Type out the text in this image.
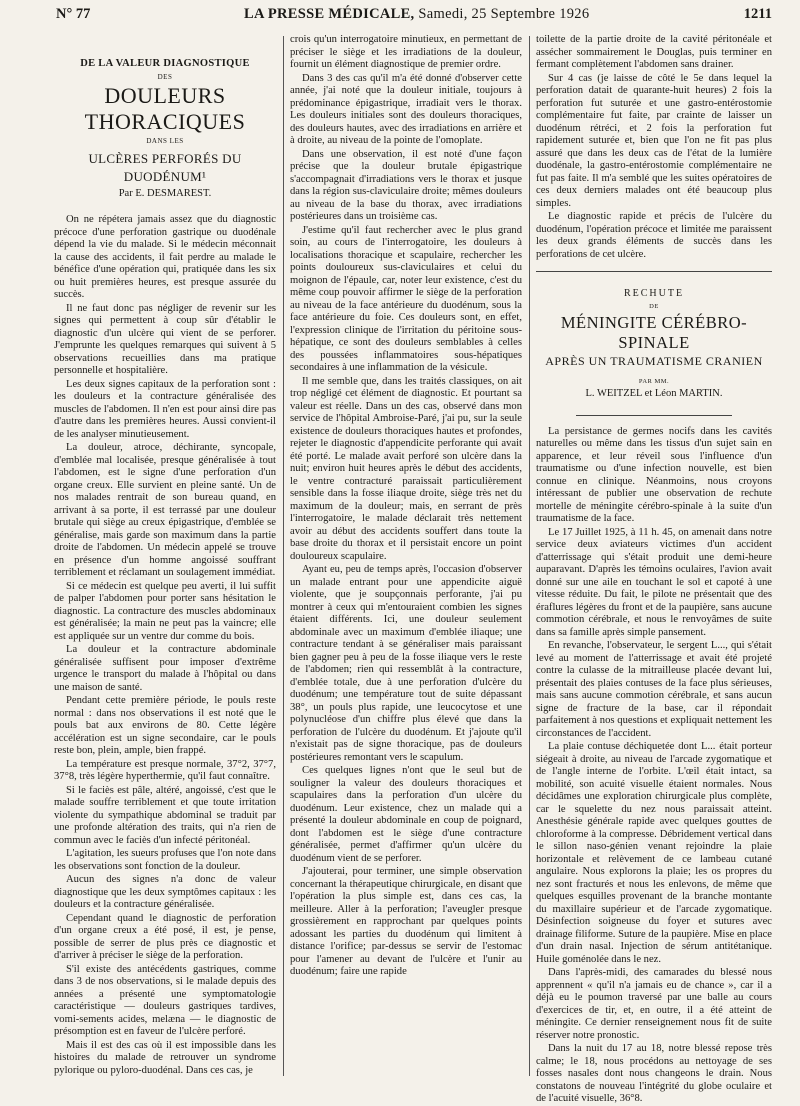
N° 77	LA PRESSE MÉDICALE, Samedi, 25 Septembre 1926	1211
DE LA VALEUR DIAGNOSTIQUE
DES
DOULEURS THORACIQUES
DANS LES
ULCÈRES PERFORÉS DU DUODÉNUM¹
Par E. DESMAREST.

On ne répétera jamais assez que du diagnostic précoce d'une perforation gastrique ou duodénale dépend la vie du malade. Si le médecin méconnait la cause des accidents, il fait perdre au malade le bénéfice d'une opération qui, pratiquée dans les six ou huit premières heures, est presque assurée du succès.

Il ne faut donc pas négliger de revenir sur les signes qui permettent à coup sûr d'établir le diagnostic d'un ulcère qui vient de se perforer. J'emprunte les quelques remarques qui suivent à 5 observations recueillies dans ma pratique personnelle et hospitalière.

Les deux signes capitaux de la perforation sont : les douleurs et la contracture généralisée des muscles de l'abdomen. Il n'en est pour ainsi dire pas d'autre dans les premières heures. Aussi convient-il de les analyser minutieusement.

La douleur, atroce, déchirante, syncopale, d'emblée mal localisée, presque généralisée à tout l'abdomen, est le signe d'une perforation d'un organe creux. Elle survient en pleine santé. Un de nos malades rentrait de son bureau quand, en arrivant à sa porte, il est terrassé par une douleur brutale qui siège au creux épigastrique, d'emblée se généralise, mais garde son maximum dans la partie droite de l'abdomen. Un médecin appelé se trouve en présence d'un homme angoissé souffrant terriblement et réclamant un soulagement immédiat.

Si ce médecin est quelque peu averti, il lui suffit de palper l'abdomen pour porter sans hésitation le diagnostic. La contracture des muscles abdominaux est généralisée; la main ne peut pas la vaincre; elle est appliquée sur un ventre dur comme du bois.

La douleur et la contracture abdominale généralisée suffisent pour imposer d'extrême urgence le transport du malade à l'hôpital ou dans une maison de santé.

Pendant cette première période, le pouls reste normal : dans nos observations il est noté que le pouls bat aux environs de 80. Cette légère accélération est un signe secondaire, car le pouls reste bon, plein, ample, bien frappé.

La température est presque normale, 37°2, 37°7, 37°8, très légère hyperthermie, qu'il faut connaître.

Si le faciès est pâle, altéré, angoissé, c'est que le malade souffre terriblement et que toute irritation violente du sympathique abdominal se traduit par une profonde altération des traits, qui n'a rien de commun avec le faciès d'un infecté péritonéal.

L'agitation, les sueurs profuses que l'on note dans les observations sont fonction de la douleur.

Aucun des signes n'a donc de valeur diagnostique que les deux symptômes capitaux : les douleurs et la contracture généralisée.

Cependant quand le diagnostic de perforation d'un organe creux a été posé, il est, je pense, possible de serrer de plus près ce diagnostic et d'arriver à préciser le siège de la perforation.

S'il existe des antécédents gastriques, comme dans 3 de nos observations, si le malade depuis des années a présenté une symptomatologie caractéristique — douleurs gastriques tardives, vomi-sements acides, melæna — le diagnostic de présomption est en faveur de l'ulcère perforé.

Mais il est des cas où il est impossible dans les histoires du malade de retrouver un syndrome pylorique ou pyloro-duodénal. Dans ces cas, je

crois qu'un interrogatoire minutieux, en permettant de préciser le siège et les irradiations de la douleur, fournit un élément diagnostique de premier ordre.

Dans 3 des cas qu'il m'a été donné d'observer cette année, j'ai noté que la douleur initiale, toujours à prédominance épigastrique, irradiait vers le thorax. Les douleurs initiales sont des douleurs thoraciques, des douleurs hautes, avec des irradiations en arrière et à droite, au niveau de la pointe de l'omoplate.

Dans une observation, il est noté d'une façon précise que la douleur brutale épigastrique s'accompagnait d'irradiations vers le thorax et jusque dans la région sus-claviculaire droite; mêmes douleurs au niveau de la base du thorax, avec irradiations postérieures dans un troisième cas.

J'estime qu'il faut rechercher avec le plus grand soin, au cours de l'interrogatoire, les douleurs à localisations thoracique et scapulaire, rechercher les points douloureux sus-claviculaires et celui du moignon de l'épaule, car, noter leur existence, c'est du même coup pouvoir affirmer le siège de la perforation au niveau de la face antérieure du duodénum, sous la face antérieure du foie. Ces douleurs sont, en effet, l'expression clinique de l'irritation du péritoine sous-hépatique, ce sont des douleurs semblables à celles des poussées inflammatoires sous-hépatiques secondaires à une inflammation de la vésicule.

Il me semble que, dans les traités classiques, on ait trop négligé cet élément de diagnostic. Et pourtant sa valeur est réelle. Dans un des cas, observé dans mon service de l'hôpital Ambroise-Paré, j'ai pu, sur la seule existence de douleurs thoraciques hautes et profondes, rejeter le diagnostic d'appendicite perforante qui avait été porté. Le malade avait perforé son ulcère dans la nuit; environ huit heures après le début des accidents, le ventre contracturé paraissait particulièrement sensible dans la fosse iliaque droite, siège très net du maximum de la douleur; mais, en serrant de près l'interrogatoire, le malade déclarait très nettement avoir au début des accidents souffert dans toute la base droite du thorax et il persistait encore un point douloureux scapulaire.

Ayant eu, peu de temps après, l'occasion d'observer un malade entrant pour une appendicite aiguë violente, que je soupçonnais perforante, j'ai pu montrer à ceux qui m'entouraient combien les signes étaient différents. Ici, une douleur seulement abdominale avec un maximum d'emblée iliaque; une contracture tendant à se généraliser mais paraissant bien gagner peu à peu de la fosse iliaque vers le reste de l'abdomen; rien qui ressemblât à la contracture, d'emblée totale, due à une perforation d'ulcère du duodénum; une température tout de suite dépassant 38°, un pouls plus rapide, une leucocytose et une polynucléose d'un chiffre plus élevé que dans la perforation de l'ulcère du duodénum. Et j'ajoute qu'il n'existait pas de signe thoracique, pas de douleurs postérieures remontant vers le scapulum.

Ces quelques lignes n'ont que le seul but de souligner la valeur des douleurs thoraciques et scapulaires dans la perforation d'un ulcère du duodénum. Leur existence, chez un malade qui a présenté la douleur abdominale en coup de poignard, dont l'abdomen est le siège d'une contracture généralisée, permet d'affirmer qu'un ulcère du duodénum vient de se perforer.

J'ajouterai, pour terminer, une simple observation concernant la thérapeutique chirurgicale, en disant que l'opération la plus simple est, dans ces cas, la meilleure. Aller à la perforation; l'aveugler presque grossièrement en rapprochant par quelques points adossant les parties du duodénum qui limitent à distance l'orifice; par-dessus se servir de l'estomac pour l'amener au devant de l'ulcère et l'unir au duodénum; faire une rapide

toilette de la partie droite de la cavité péritonéale et assécher sommairement le Douglas, puis terminer en fermant complètement l'abdomen sans drainer.

Sur 4 cas (je laisse de côté le 5e dans lequel la perforation datait de quarante-huit heures) 2 fois la perforation fut suturée et une gastro-entérostomie complémentaire fut faite, par crainte de laisser un duodénum rétréci, et 2 fois la perforation fut rapidement suturée et, bien que l'on ne fit pas plus assuré que dans les deux cas de l'état de la lumière duodénale, la gastro-entérostomie complémentaire ne fut pas faite. Il m'a semblé que les suites opératoires de ces deux derniers malades ont été beaucoup plus simples.

Le diagnostic rapide et précis de l'ulcère du duodénum, l'opération précoce et limitée me paraissent les deux grands éléments de succès dans les perforations de cet ulcère.

RECHUTE
DE
MÉNINGITE CÉRÉBRO-SPINALE
APRÈS UN TRAUMATISME CRANIEN
PAR MM.
L. WEITZEL et Léon MARTIN.

La persistance de germes nocifs dans les cavités naturelles ou même dans les tissus d'un sujet sain en apparence, et leur réveil sous l'influence d'un traumatisme ou d'une infection nouvelle, est bien connue en clinique. Néanmoins, nous croyons intéressant de publier une observation de rechute mortelle de méningite cérébro-spinale à la suite d'un traumatisme de la face.

Le 17 Juillet 1925, à 11 h. 45, on amenait dans notre service deux aviateurs victimes d'un accident d'atterrissage qui s'était produit une demi-heure auparavant. D'après les témoins oculaires, l'avion avait donné sur une aile en touchant le sol et capoté à une vitesse réduite. Du fait, le pilote ne présentait que des éraflures légères du front et de la paupière, sans aucune commotion cérébrale, et nous le renvoyâmes de suite dans sa famille après simple pansement.

En revanche, l'observateur, le sergent L..., qui s'était levé au moment de l'atterrissage et avait été projeté contre la culasse de la mitrailleuse placée devant lui, présentait des plaies contuses de la face plus sérieuses, mais sans aucune commotion cérébrale, et sans aucun signe de fracture de la base, car il répondait parfaitement à nos questions et expliquait nettement les circonstances de l'accident.

La plaie contuse déchiquetée dont L... était porteur siégeait à droite, au niveau de l'arcade zygomatique et de l'angle interne de l'orbite. L'œil était intact, sa mobilité, son acuité visuelle étaient normales. Nous décidâmes une exploration chirurgicale plus complète, car le squelette du nez nous paraissait atteint. Anesthésie générale rapide avec quelques gouttes de chloroforme à la compresse. Débridement vertical dans le sillon naso-génien venant rejoindre la plaie horizontale et relèvement de ce lambeau cutané angulaire. Nous explorons la plaie; les os propres du nez sont fracturés et nous les enlevons, de même que quelques esquilles provenant de la branche montante du maxillaire supérieur et de l'arcade zygomatique. Désinfection soigneuse du foyer et sutures avec drainage filiforme. Suture de la paupière. Mise en place d'un drain nasal. Injection de sérum antitétanique. Huile goménolée dans le nez.

Dans l'après-midi, des camarades du blessé nous apprennent « qu'il n'a jamais eu de chance », car il a déjà eu le poumon traversé par une balle au cours d'exercices de tir, et, en outre, il a été atteint de méningite. Ce dernier renseignement nous fit de suite réserver notre pronostic.

Dans la nuit du 17 au 18, notre blessé repose très calme; le 18, nous procédons au nettoyage de ses fosses nasales dont nous changeons le drain. Nous constatons de nouveau l'intégrité du globe oculaire et de l'acuité visuelle, 36°8.
